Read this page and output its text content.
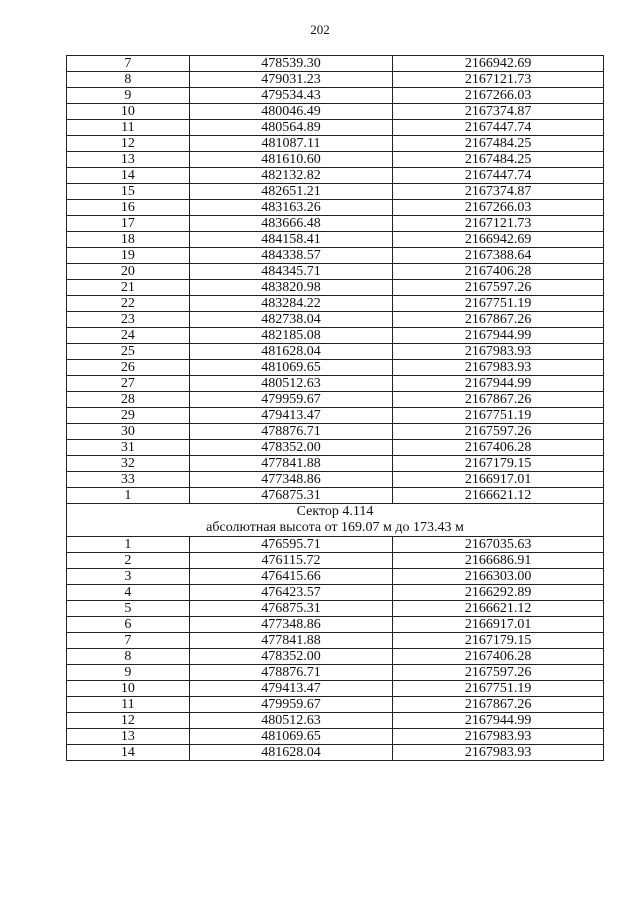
202
7	478539.30	2166942.69
8	479031.23	2167121.73
9	479534.43	2167266.03
10	480046.49	2167374.87
11	480564.89	2167447.74
12	481087.11	2167484.25
13	481610.60	2167484.25
14	482132.82	2167447.74
15	482651.21	2167374.87
16	483163.26	2167266.03
17	483666.48	2167121.73
18	484158.41	2166942.69
19	484338.57	2167388.64
20	484345.71	2167406.28
21	483820.98	2167597.26
22	483284.22	2167751.19
23	482738.04	2167867.26
24	482185.08	2167944.99
25	481628.04	2167983.93
26	481069.65	2167983.93
27	480512.63	2167944.99
28	479959.67	2167867.26
29	479413.47	2167751.19
30	478876.71	2167597.26
31	478352.00	2167406.28
32	477841.88	2167179.15
33	477348.86	2166917.01
1	476875.31	2166621.12

Сектор 4.114
абсолютная высота от 169.07 м до 173.43 м		

1	476595.71	2167035.63
2	476115.72	2166686.91
3	476415.66	2166303.00
4	476423.57	2166292.89
5	476875.31	2166621.12
6	477348.86	2166917.01
7	477841.88	2167179.15
8	478352.00	2167406.28
9	478876.71	2167597.26
10	479413.47	2167751.19
11	479959.67	2167867.26
12	480512.63	2167944.99
13	481069.65	2167983.93
14	481628.04	2167983.93
